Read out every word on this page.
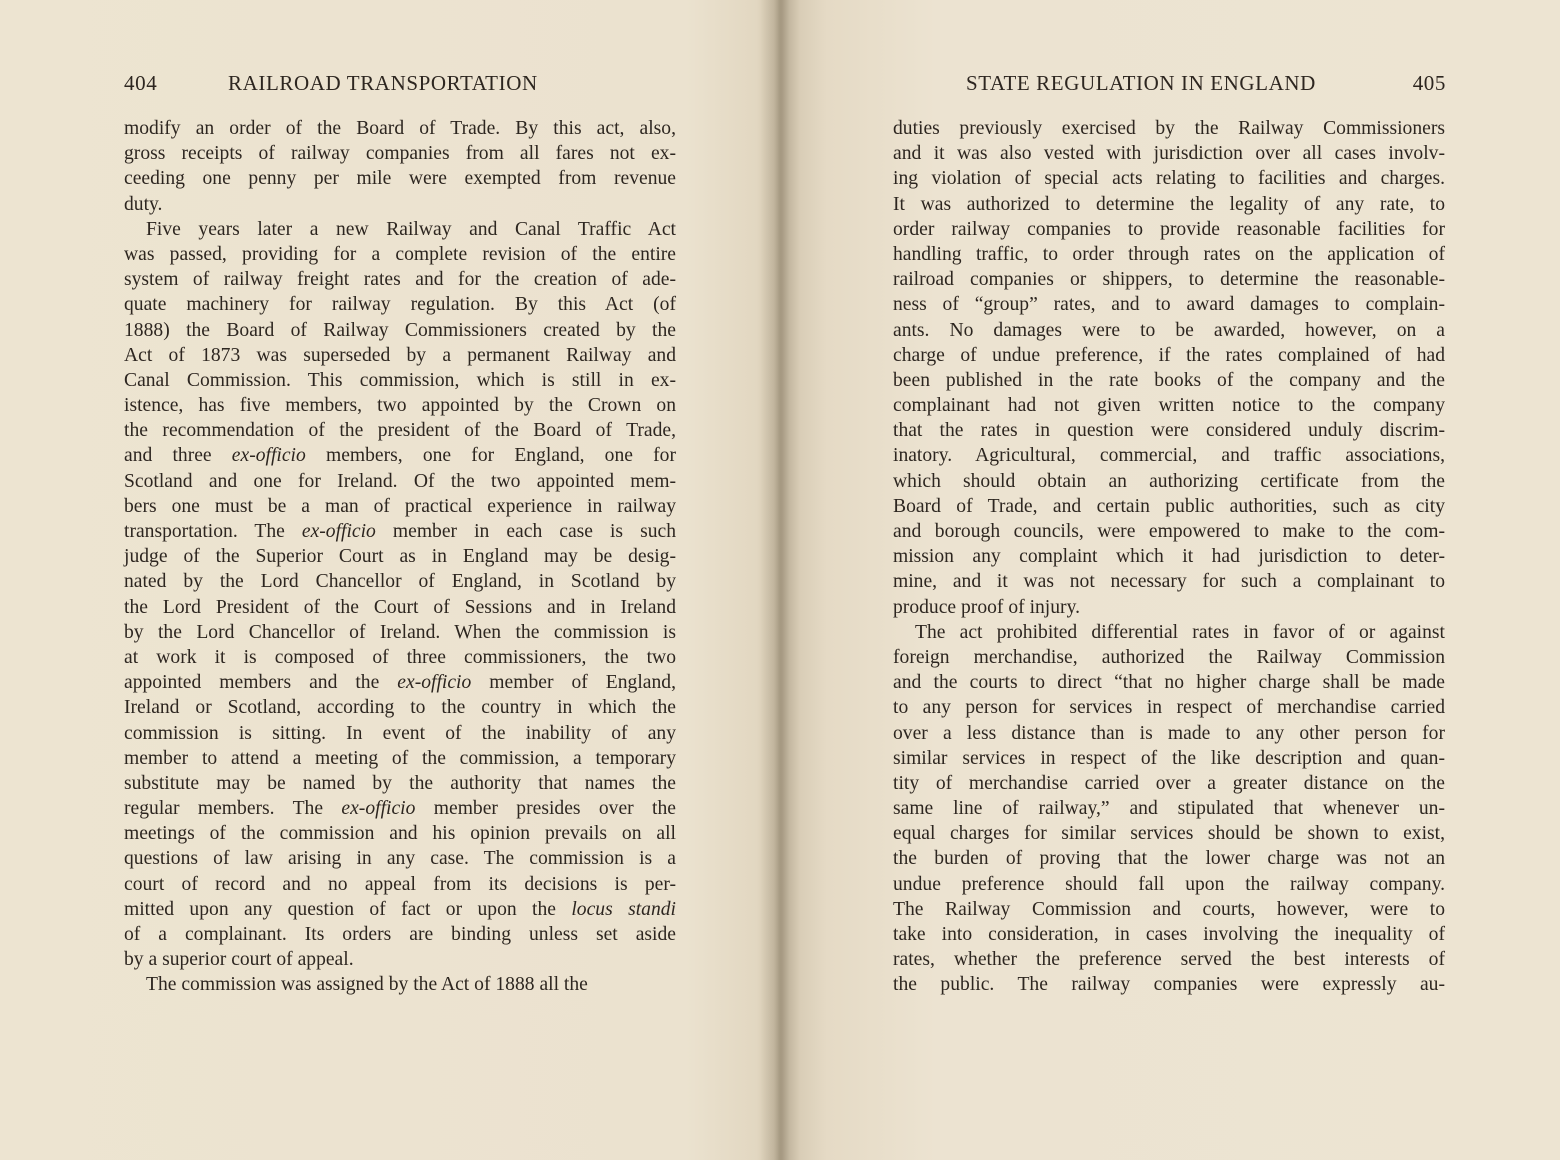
404	RAILROAD TRANSPORTATION
modify an order of the Board of Trade. By this act, also,
gross receipts of railway companies from all fares not ex-
ceeding one penny per mile were exempted from revenue
duty.
Five years later a new Railway and Canal Traffic Act
was passed, providing for a complete revision of the entire
system of railway freight rates and for the creation of ade-
quate machinery for railway regulation. By this Act (of
1888) the Board of Railway Commissioners created by the
Act of 1873 was superseded by a permanent Railway and
Canal Commission. This commission, which is still in ex-
istence, has five members, two appointed by the Crown on
the recommendation of the president of the Board of Trade,
and three ex-officio members, one for England, one for
Scotland and one for Ireland. Of the two appointed mem-
bers one must be a man of practical experience in railway
transportation. The ex-officio member in each case is such
judge of the Superior Court as in England may be desig-
nated by the Lord Chancellor of England, in Scotland by
the Lord President of the Court of Sessions and in Ireland
by the Lord Chancellor of Ireland. When the commission is
at work it is composed of three commissioners, the two
appointed members and the ex-officio member of England,
Ireland or Scotland, according to the country in which the
commission is sitting. In event of the inability of any
member to attend a meeting of the commission, a temporary
substitute may be named by the authority that names the
regular members. The ex-officio member presides over the
meetings of the commission and his opinion prevails on all
questions of law arising in any case. The commission is a
court of record and no appeal from its decisions is per-
mitted upon any question of fact or upon the locus standi
of a complainant. Its orders are binding unless set aside
by a superior court of appeal.
The commission was assigned by the Act of 1888 all the
STATE REGULATION IN ENGLAND	405
duties previously exercised by the Railway Commissioners
and it was also vested with jurisdiction over all cases involv-
ing violation of special acts relating to facilities and charges.
It was authorized to determine the legality of any rate, to
order railway companies to provide reasonable facilities for
handling traffic, to order through rates on the application of
railroad companies or shippers, to determine the reasonable-
ness of “group” rates, and to award damages to complain-
ants. No damages were to be awarded, however, on a
charge of undue preference, if the rates complained of had
been published in the rate books of the company and the
complainant had not given written notice to the company
that the rates in question were considered unduly discrim-
inatory. Agricultural, commercial, and traffic associations,
which should obtain an authorizing certificate from the
Board of Trade, and certain public authorities, such as city
and borough councils, were empowered to make to the com-
mission any complaint which it had jurisdiction to deter-
mine, and it was not necessary for such a complainant to
produce proof of injury.
The act prohibited differential rates in favor of or against
foreign merchandise, authorized the Railway Commission
and the courts to direct “that no higher charge shall be made
to any person for services in respect of merchandise carried
over a less distance than is made to any other person for
similar services in respect of the like description and quan-
tity of merchandise carried over a greater distance on the
same line of railway,” and stipulated that whenever un-
equal charges for similar services should be shown to exist,
the burden of proving that the lower charge was not an
undue preference should fall upon the railway company.
The Railway Commission and courts, however, were to
take into consideration, in cases involving the inequality of
rates, whether the preference served the best interests of
the public. The railway companies were expressly au-
